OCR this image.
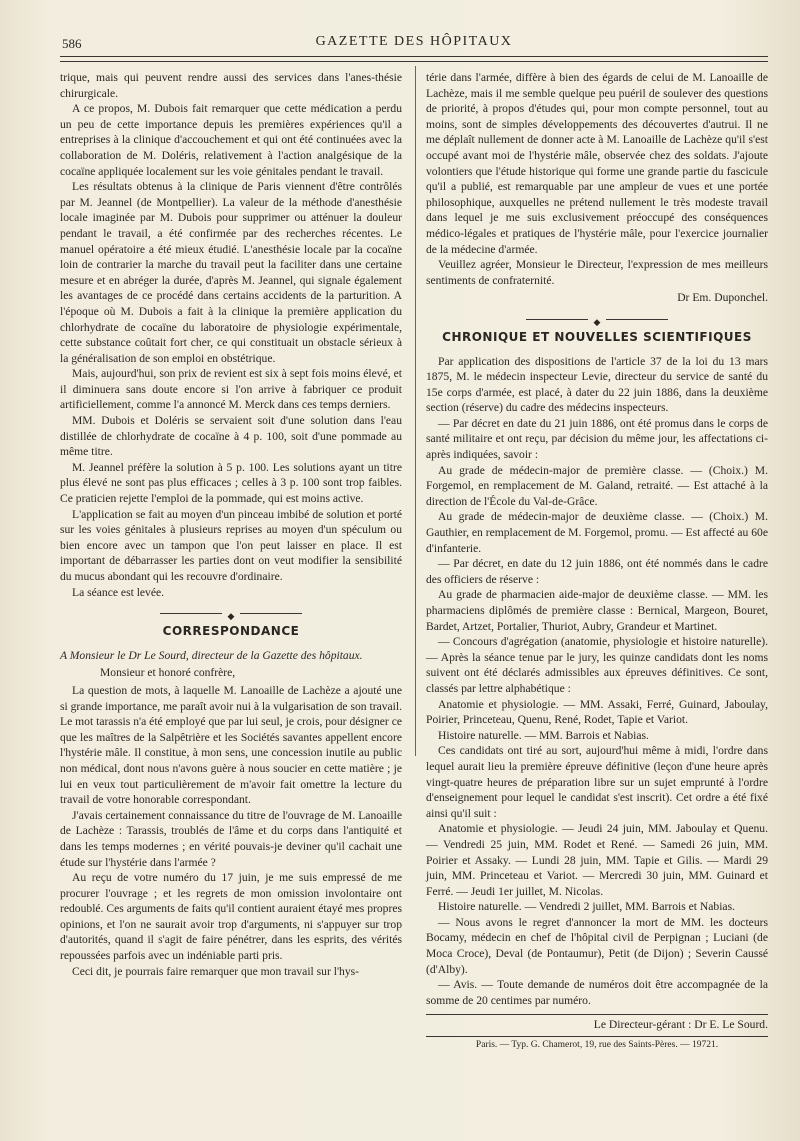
586	GAZETTE DES HÔPITAUX

trique, mais qui peuvent rendre aussi des services dans l'anes-thésie chirurgicale.

A ce propos, M. Dubois fait remarquer que cette médication a perdu un peu de cette importance depuis les premières expériences qu'il a entreprises à la clinique d'accouchement et qui ont été continuées avec la collaboration de M. Doléris, relativement à l'action analgésique de la cocaïne appliquée localement sur les voie génitales pendant le travail.

Les résultats obtenus à la clinique de Paris viennent d'être contrôlés par M. Jeannel (de Montpellier). La valeur de la méthode d'anesthésie locale imaginée par M. Dubois pour supprimer ou atténuer la douleur pendant le travail, a été confirmée par des recherches récentes. Le manuel opératoire a été mieux étudié. L'anesthésie locale par la cocaïne loin de contrarier la marche du travail peut la faciliter dans une certaine mesure et en abréger la durée, d'après M. Jeannel, qui signale également les avantages de ce procédé dans certains accidents de la parturition. A l'époque où M. Dubois a fait à la clinique la première application du chlorhydrate de cocaïne du laboratoire de physiologie expérimentale, cette substance coûtait fort cher, ce qui constituait un obstacle sérieux à la généralisation de son emploi en obstétrique.

Mais, aujourd'hui, son prix de revient est six à sept fois moins élevé, et il diminuera sans doute encore si l'on arrive à fabriquer ce produit artificiellement, comme l'a annoncé M. Merck dans ces temps derniers.

MM. Dubois et Doléris se servaient soit d'une solution dans l'eau distillée de chlorhydrate de cocaïne à 4 p. 100, soit d'une pommade au même titre.

M. Jeannel préfère la solution à 5 p. 100. Les solutions ayant un titre plus élevé ne sont pas plus efficaces ; celles à 3 p. 100 sont trop faibles. Ce praticien rejette l'emploi de la pommade, qui est moins active.

L'application se fait au moyen d'un pinceau imbibé de solution et porté sur les voies génitales à plusieurs reprises au moyen d'un spéculum ou bien encore avec un tampon que l'on peut laisser en place. Il est important de débarrasser les parties dont on veut modifier la sensibilité du mucus abondant qui les recouvre d'ordinaire.

La séance est levée.

◆

CORRESPONDANCE

A Monsieur le Dr Le Sourd, directeur de la Gazette des hôpitaux.

Monsieur et honoré confrère,

La question de mots, à laquelle M. Lanoaille de Lachèze a ajouté une si grande importance, me paraît avoir nui à la vulgarisation de son travail. Le mot tarassis n'a été employé que par lui seul, je crois, pour désigner ce que les maîtres de la Salpêtrière et les Sociétés savantes appellent encore l'hystérie mâle. Il constitue, à mon sens, une concession inutile au public non médical, dont nous n'avons guère à nous soucier en cette matière ; je lui en veux tout particulièrement de m'avoir fait omettre la lecture du travail de votre honorable correspondant.

J'avais certainement connaissance du titre de l'ouvrage de M. Lanoaille de Lachèze : Tarassis, troublés de l'âme et du corps dans l'antiquité et dans les temps modernes ; en vérité pouvais-je deviner qu'il cachait une étude sur l'hystérie dans l'armée ?

Au reçu de votre numéro du 17 juin, je me suis empressé de me procurer l'ouvrage ; et les regrets de mon omission involontaire ont redoublé. Ces arguments de faits qu'il contient auraient étayé mes propres opinions, et l'on ne saurait avoir trop d'arguments, ni s'appuyer sur trop d'autorités, quand il s'agit de faire pénétrer, dans les esprits, des vérités repoussées parfois avec un indéniable parti pris.

Ceci dit, je pourrais faire remarquer que mon travail sur l'hys-

térie dans l'armée, diffère à bien des égards de celui de M. Lanoaille de Lachèze, mais il me semble quelque peu puéril de soulever des questions de priorité, à propos d'études qui, pour mon compte personnel, tout au moins, sont de simples développements des découvertes d'autrui. Il ne me déplaît nullement de donner acte à M. Lanoaille de Lachèze qu'il s'est occupé avant moi de l'hystérie mâle, observée chez des soldats. J'ajoute volontiers que l'étude historique qui forme une grande partie du fascicule qu'il a publié, est remarquable par une ampleur de vues et une portée philosophique, auxquelles ne prétend nullement le très modeste travail dans lequel je me suis exclusivement préoccupé des conséquences médico-légales et pratiques de l'hystérie mâle, pour l'exercice journalier de la médecine d'armée.

Veuillez agréer, Monsieur le Directeur, l'expression de mes meilleurs sentiments de confraternité.

Dr Em. Duponchel.

◆

CHRONIQUE ET NOUVELLES SCIENTIFIQUES

Par application des dispositions de l'article 37 de la loi du 13 mars 1875, M. le médecin inspecteur Levie, directeur du service de santé du 15e corps d'armée, est placé, à dater du 22 juin 1886, dans la deuxième section (réserve) du cadre des médecins inspecteurs.

— Par décret en date du 21 juin 1886, ont été promus dans le corps de santé militaire et ont reçu, par décision du même jour, les affectations ci-après indiquées, savoir :

Au grade de médecin-major de première classe. — (Choix.) M. Forgemol, en remplacement de M. Galand, retraité. — Est attaché à la direction de l'École du Val-de-Grâce.

Au grade de médecin-major de deuxième classe. — (Choix.) M. Gauthier, en remplacement de M. Forgemol, promu. — Est affecté au 60e d'infanterie.

— Par décret, en date du 12 juin 1886, ont été nommés dans le cadre des officiers de réserve :

Au grade de pharmacien aide-major de deuxième classe. — MM. les pharmaciens diplômés de première classe : Bernical, Margeon, Bouret, Bardet, Artzet, Portalier, Thuriot, Aubry, Grandeur et Martinet.

— Concours d'agrégation (anatomie, physiologie et histoire naturelle). — Après la séance tenue par le jury, les quinze candidats dont les noms suivent ont été déclarés admissibles aux épreuves définitives. Ce sont, classés par lettre alphabétique :

Anatomie et physiologie. — MM. Assaki, Ferré, Guinard, Jaboulay, Poirier, Princeteau, Quenu, René, Rodet, Tapie et Variot.

Histoire naturelle. — MM. Barrois et Nabias.

Ces candidats ont tiré au sort, aujourd'hui même à midi, l'ordre dans lequel aurait lieu la première épreuve définitive (leçon d'une heure après vingt-quatre heures de préparation libre sur un sujet emprunté à l'ordre d'enseignement pour lequel le candidat s'est inscrit). Cet ordre a été fixé ainsi qu'il suit :

Anatomie et physiologie. — Jeudi 24 juin, MM. Jaboulay et Quenu. — Vendredi 25 juin, MM. Rodet et René. — Samedi 26 juin, MM. Poirier et Assaky. — Lundi 28 juin, MM. Tapie et Gilis. — Mardi 29 juin, MM. Princeteau et Variot. — Mercredi 30 juin, MM. Guinard et Ferré. — Jeudi 1er juillet, M. Nicolas.

Histoire naturelle. — Vendredi 2 juillet, MM. Barrois et Nabias.

— Nous avons le regret d'annoncer la mort de MM. les docteurs Bocamy, médecin en chef de l'hôpital civil de Perpignan ; Luciani (de Moca Croce), Deval (de Pontaumur), Petit (de Dijon) ; Severin Caussé (d'Alby).

— Avis. — Toute demande de numéros doit être accompagnée de la somme de 20 centimes par numéro.

Le Directeur-gérant : Dr E. Le Sourd.

Paris. — Typ. G. Chamerot, 19, rue des Saints-Pères. — 19721.
